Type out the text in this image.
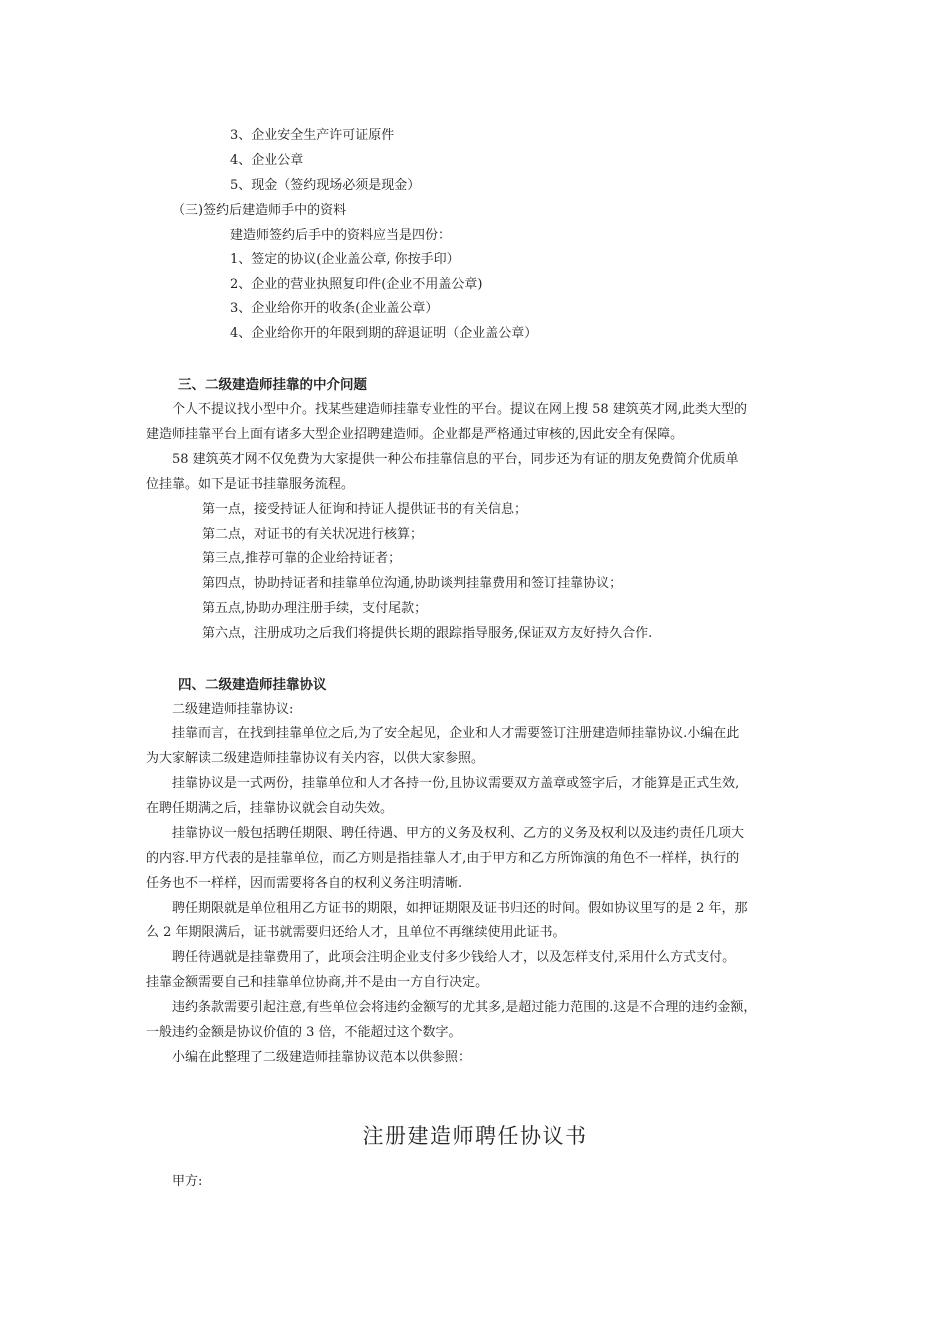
3、企业安全生产许可证原件
4、企业公章
5、现金（签约现场必须是现金）
（三)签约后建造师手中的资料
建造师签约后手中的资料应当是四份：
1、签定的协议(企业盖公章, 你按手印）
2、企业的营业执照复印件(企业不用盖公章)
3、企业给你开的收条(企业盖公章）
4、企业给你开的年限到期的辞退证明（企业盖公章）
三、二级建造师挂靠的中介问题
个人不提议找小型中介。找某些建造师挂靠专业性的平台。提议在网上搜 58 建筑英才网,此类大型的
建造师挂靠平台上面有诸多大型企业招聘建造师。企业都是严格通过审核的,因此安全有保障。
58 建筑英才网不仅免费为大家提供一种公布挂靠信息的平台，同步还为有证的朋友免费简介优质单
位挂靠。如下是证书挂靠服务流程。
第一点，接受持证人征询和持证人提供证书的有关信息；
第二点，对证书的有关状况进行核算；
第三点,推荐可靠的企业给持证者；
第四点，协助持证者和挂靠单位沟通,协助谈判挂靠费用和签订挂靠协议；
第五点,协助办理注册手续，支付尾款；
第六点，注册成功之后我们将提供长期的跟踪指导服务,保证双方友好持久合作.
四、二级建造师挂靠协议
二级建造师挂靠协议:
挂靠而言，在找到挂靠单位之后,为了安全起见，企业和人才需要签订注册建造师挂靠协议.小编在此
为大家解读二级建造师挂靠协议有关内容，以供大家参照。
挂靠协议是一式两份，挂靠单位和人才各持一份,且协议需要双方盖章或签字后，才能算是正式生效,
在聘任期满之后，挂靠协议就会自动失效。
挂靠协议一般包括聘任期限、聘任待遇、甲方的义务及权利、乙方的义务及权利以及违约责任几项大
的内容.甲方代表的是挂靠单位，而乙方则是指挂靠人才,由于甲方和乙方所饰演的角色不一样样，执行的
任务也不一样样，因而需要将各自的权利义务注明清晰.
聘任期限就是单位租用乙方证书的期限，如押证期限及证书归还的时间。假如协议里写的是 2 年，那
么 2 年期限满后，证书就需要归还给人才，且单位不再继续使用此证书。
聘任待遇就是挂靠费用了，此项会注明企业支付多少钱给人才，以及怎样支付,采用什么方式支付。
挂靠金额需要自己和挂靠单位协商,并不是由一方自行决定。
违约条款需要引起注意,有些单位会将违约金额写的尤其多,是超过能力范围的.这是不合理的违约金额，
一般违约金额是协议价值的 3 倍，不能超过这个数字。
小编在此整理了二级建造师挂靠协议范本以供参照：
注册建造师聘任协议书
甲方:
